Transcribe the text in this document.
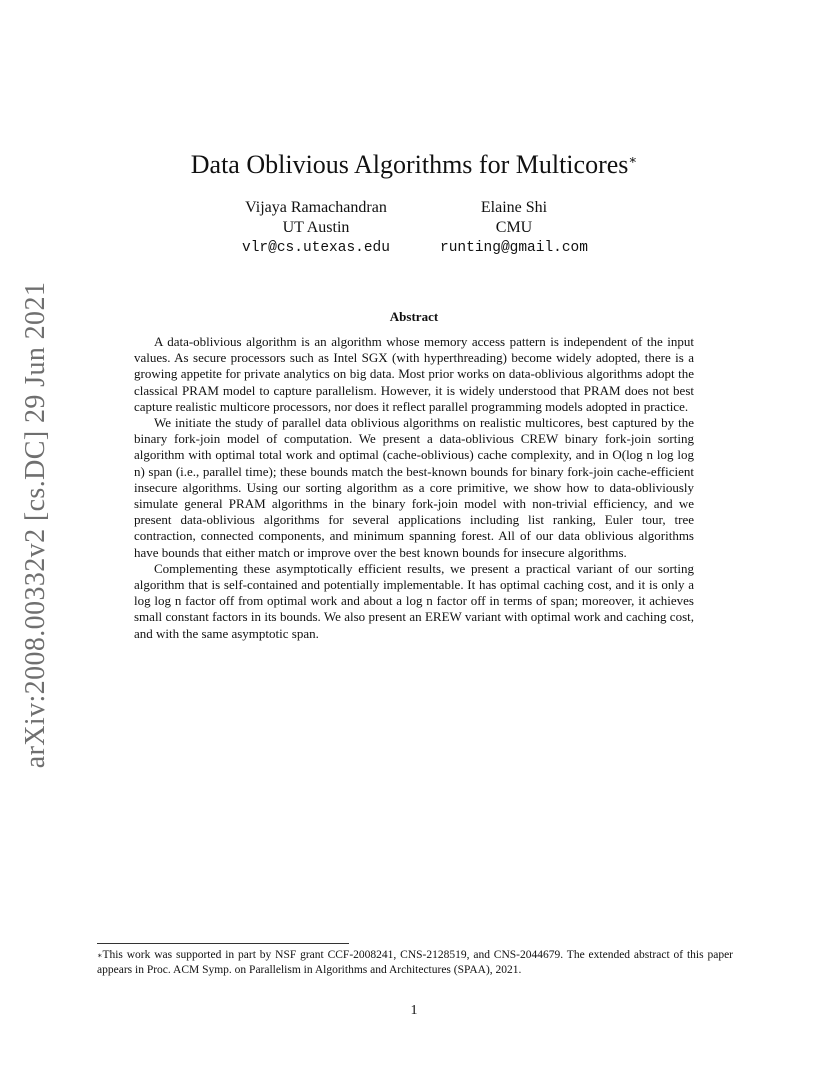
arXiv:2008.00332v2 [cs.DC] 29 Jun 2021
Data Oblivious Algorithms for Multicores∗
Vijaya Ramachandran
UT Austin
vlr@cs.utexas.edu
Elaine Shi
CMU
runting@gmail.com
Abstract

A data-oblivious algorithm is an algorithm whose memory access pattern is independent of the input values. As secure processors such as Intel SGX (with hyperthreading) become widely adopted, there is a growing appetite for private analytics on big data. Most prior works on data-oblivious algorithms adopt the classical PRAM model to capture parallelism. However, it is widely understood that PRAM does not best capture realistic multicore processors, nor does it reflect parallel programming models adopted in practice.

We initiate the study of parallel data oblivious algorithms on realistic multicores, best captured by the binary fork-join model of computation. We present a data-oblivious CREW binary fork-join sorting algorithm with optimal total work and optimal (cache-oblivious) cache complexity, and in O(log n log log n) span (i.e., parallel time); these bounds match the best-known bounds for binary fork-join cache-efficient insecure algorithms. Using our sorting algorithm as a core primitive, we show how to data-obliviously simulate general PRAM algorithms in the binary fork-join model with non-trivial efficiency, and we present data-oblivious algorithms for several applications including list ranking, Euler tour, tree contraction, connected components, and minimum spanning forest. All of our data oblivious algorithms have bounds that either match or improve over the best known bounds for insecure algorithms.

Complementing these asymptotically efficient results, we present a practical variant of our sorting algorithm that is self-contained and potentially implementable. It has optimal caching cost, and it is only a log log n factor off from optimal work and about a log n factor off in terms of span; moreover, it achieves small constant factors in its bounds. We also present an EREW variant with optimal work and caching cost, and with the same asymptotic span.

∗This work was supported in part by NSF grant CCF-2008241, CNS-2128519, and CNS-2044679. The extended abstract of this paper appears in Proc. ACM Symp. on Parallelism in Algorithms and Architectures (SPAA), 2021.
1
